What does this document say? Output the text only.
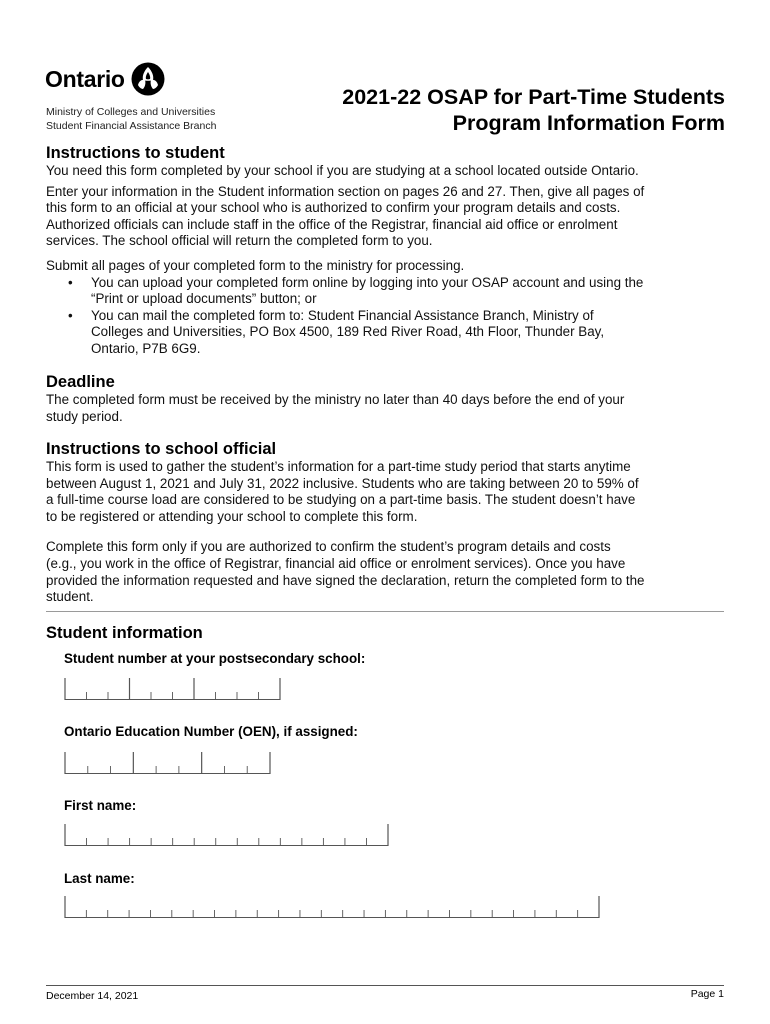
Ontario
Ministry of Colleges and Universities
Student Financial Assistance Branch
2021-22 OSAP for Part-Time Students
Program Information Form
Instructions to student

You need this form completed by your school if you are studying at a school located outside Ontario.

Enter your information in the Student information section on pages 26 and 27. Then, give all pages of
this form to an official at your school who is authorized to confirm your program details and costs.
Authorized officials can include staff in the office of the Registrar, financial aid office or enrolment
services. The school official will return the completed form to you.

Submit all pages of your completed form to the ministry for processing.

• You can upload your completed form online by logging into your OSAP account and using the
“Print or upload documents” button; or
• You can mail the completed form to: Student Financial Assistance Branch, Ministry of
Colleges and Universities, PO Box 4500, 189 Red River Road, 4th Floor, Thunder Bay,
Ontario, P7B 6G9.
Deadline
The completed form must be received by the ministry no later than 40 days before the end of your
study period.
Instructions to school official
This form is used to gather the student’s information for a part-time study period that starts anytime
between August 1, 2021 and July 31, 2022 inclusive. Students who are taking between 20 to 59% of
a full-time course load are considered to be studying on a part-time basis. The student doesn’t have
to be registered or attending your school to complete this form.
Complete this form only if you are authorized to confirm the student’s program details and costs
(e.g., you work in the office of Registrar, financial aid office or enrolment services). Once you have
provided the information requested and have signed the declaration, return the completed form to the
student.
Student information
Student number at your postsecondary school:
Ontario Education Number (OEN), if assigned:
First name:
Last name:
December 14, 2021	Page 1
